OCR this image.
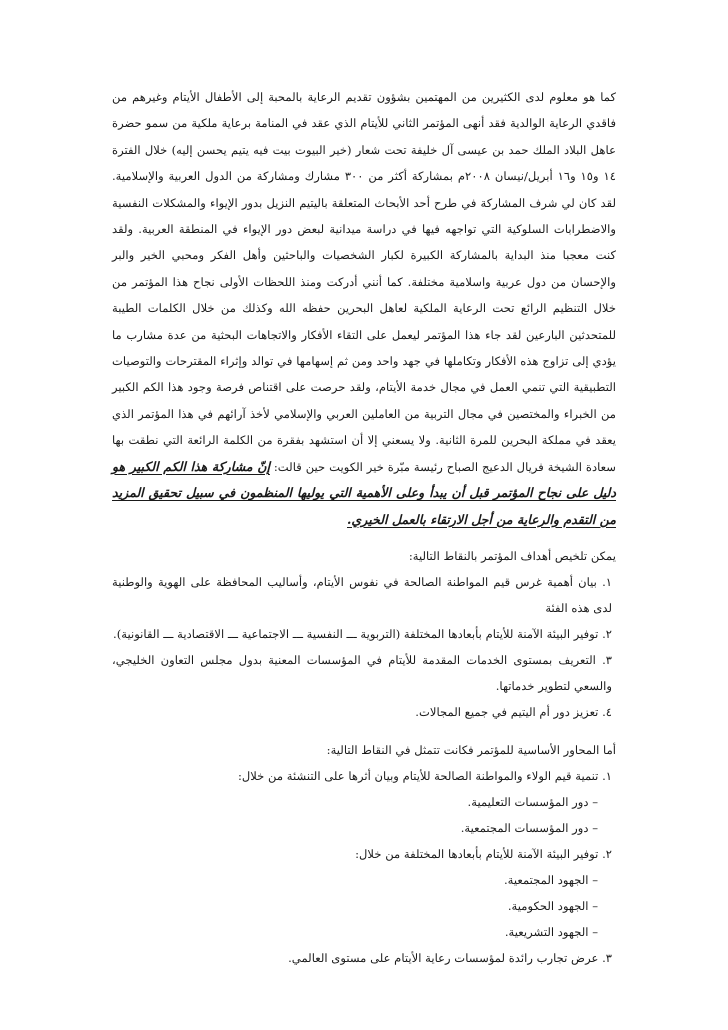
كما هو معلوم لدى الكثيرين من المهتمين بشؤون تقديم الرعاية بالمحبة إلى الأطفال الأيتام وغيرهم من فاقدي الرعاية الوالدية فقد أنهى المؤتمر الثاني للأيتام الذي عقد في المنامة برعاية ملكية من سمو حضرة عاهل البلاد الملك حمد بن عيسى آل خليفة تحت شعار (خير البيوت بيت فيه يتيم يحسن إليه) خلال الفترة ١٤ و١٥ و١٦ أبريل/نيسان ٢٠٠٨م بمشاركة أكثر من ٣٠٠ مشارك ومشاركة من الدول العربية والإسلامية. لقد كان لي شرف المشاركة في طرح أحد الأبحاث المتعلقة باليتيم النزيل بدور الإيواء والمشكلات النفسية والاضطرابات السلوكية التي تواجهه فيها في دراسة ميدانية لبعض دور الإيواء في المنطقة العربية. ولقد كنت معجبا منذ البداية بالمشاركة الكبيرة لكبار الشخصيات والباحثين وأهل الفكر ومحبي الخير والبر والإحسان من دول عربية واسلامية مختلفة. كما أنني أدركت ومنذ اللحظات الأولى نجاح هذا المؤتمر من خلال التنظيم الرائع تحت الرعاية الملكية لعاهل البحرين حفظه الله وكذلك من خلال الكلمات الطيبة للمتحدثين البارعين لقد جاء هذا المؤتمر ليعمل على التقاء الأفكار والاتجاهات البحثية من عدة مشارب ما يؤدي إلى تزاوج هذه الأفكار وتكاملها في جهد واحد ومن ثم إسهامها في توالد وإثراء المقترحات والتوصيات التطبيقية التي تنمي العمل في مجال خدمة الأيتام، ولقد حرصت على اقتناص فرصة وجود هذا الكم الكبير من الخبراء والمختصين في مجال التربية من العاملين العربي والإسلامي لأخذ آرائهم في هذا المؤتمر الذي يعقد في مملكة البحرين للمرة الثانية. ولا يسعني إلا أن استشهد بفقرة من الكلمة الرائعة التي نطقت بها سعادة الشيخة فريال الدعيج الصباح رئيسة مبّرة خير الكويت حين قالت: إنّ مشاركة هذا الكم الكبير هو دليل على نجاح المؤتمر قبل أن يبدأ وعلى الأهمية التي يوليها المنظمون في سبيل تحقيق المزيد من التقدم والرعاية من أجل الارتقاء بالعمل الخيري.

يمكن تلخيص أهداف المؤتمر بالنقاط التالية:

١. بيان أهمية غرس قيم المواطنة الصالحة في نفوس الأيتام، وأساليب المحافظة على الهوية والوطنية لدى هذه الفئة
٢. توفير البيئة الآمنة للأيتام بأبعادها المختلفة (التربوية ـــ النفسية ـــ الاجتماعية ـــ الاقتصادية ـــ القانونية).
٣. التعريف بمستوى الخدمات المقدمة للأيتام في المؤسسات المعنية بدول مجلس التعاون الخليجي، والسعي لتطوير خدماتها.
٤. تعزيز دور أم اليتيم في جميع المجالات.

أما المحاور الأساسية للمؤتمر فكانت تتمثل في النقاط التالية:

١. تنمية قيم الولاء والمواطنة الصالحة للأيتام وبيان أثرها على التنشئة من خلال:
– دور المؤسسات التعليمية.
– دور المؤسسات المجتمعية.
٢. توفير البيئة الآمنة للأيتام بأبعادها المختلفة من خلال:
– الجهود المجتمعية.
– الجهود الحكومية.
– الجهود التشريعية.
٣. عرض تجارب رائدة لمؤسسات رعاية الأيتام على مستوى العالمي.
